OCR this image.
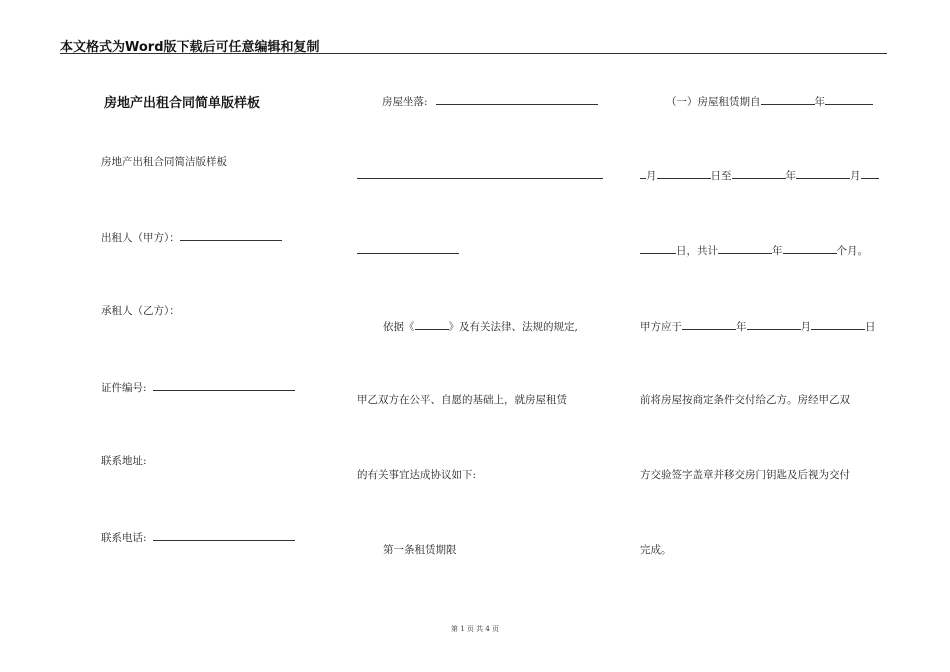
本文格式为Word版下载后可任意编辑和复制
房地产出租合同简单版样板
房地产出租合同简洁版样板
出租人（甲方）：
承租人（乙方）：
证件编号:
联系地址:
联系电话:
房屋坐落:
依据《	》及有关法律、法规的规定,
甲乙双方在公平、自愿的基础上，就房屋租赁
的有关事宜达成协议如下:
第一条租赁期限
（一）房屋租赁期自	年
月	日至	年	月
日，共计	年	个月。
甲方应于	年	月	日
前将房屋按商定条件交付给乙方。房经甲乙双
方交验签字盖章并移交房门钥匙及后视为交付
完成。
第 1 页 共 4 页
